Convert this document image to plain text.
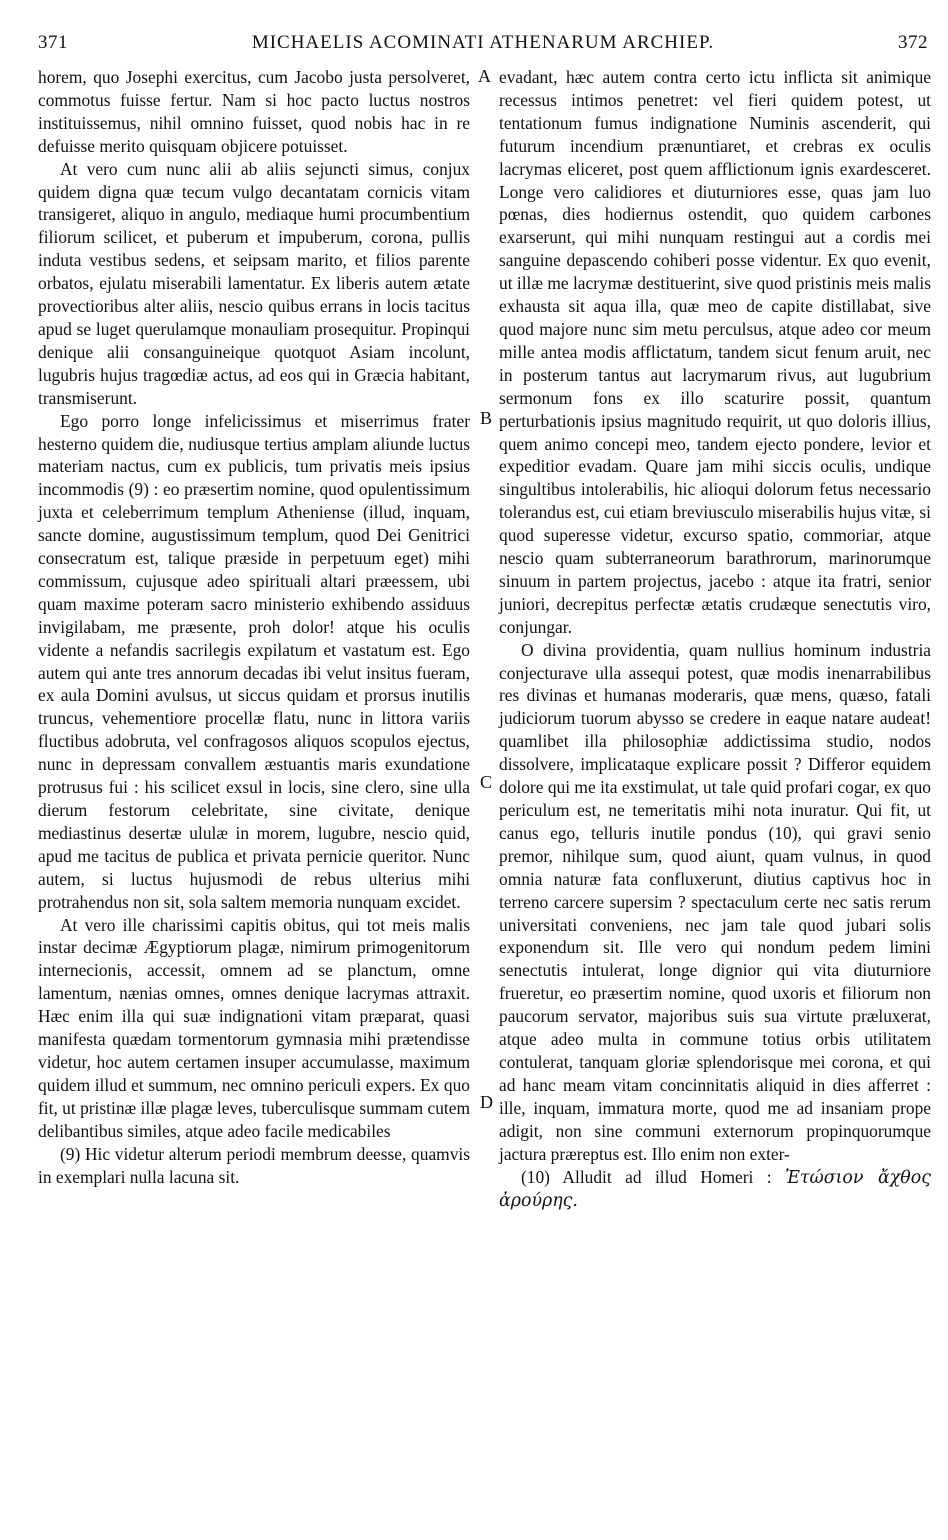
371	MICHAELIS ACOMINATI ATHENARUM ARCHIEP.	372
A
B
C
D

horem, quo Josephi exercitus, cum Jacobo justa persolveret, commotus fuisse fertur. Nam si hoc pacto luctus nostros instituissemus, nihil omnino fuisset, quod nobis hac in re defuisse merito quisquam objicere potuisset.

At vero cum nunc alii ab aliis sejuncti simus, conjux quidem digna quæ tecum vulgo decantatam cornicis vitam transigeret, aliquo in angulo, mediaque humi procumbentium filiorum scilicet, et puberum et impuberum, corona, pullis induta vestibus sedens, et seipsam marito, et filios parente orbatos, ejulatu miserabili lamentatur. Ex liberis autem ætate provectioribus alter aliis, nescio quibus errans in locis tacitus apud se luget querulamque monauliam prosequitur. Propinqui denique alii consanguineique quotquot Asiam incolunt, lugubris hujus tragœdiæ actus, ad eos qui in Græcia habitant, transmiserunt.

Ego porro longe infelicissimus et miserrimus frater hesterno quidem die, nudiusque tertius amplam aliunde luctus materiam nactus, cum ex publicis, tum privatis meis ipsius incommodis (9) : eo præsertim nomine, quod opulentissimum juxta et celeberrimum templum Atheniense (illud, inquam, sancte domine, augustissimum templum, quod Dei Genitrici consecratum est, talique præside in perpetuum eget) mihi commissum, cujusque adeo spirituali altari præessem, ubi quam maxime poteram sacro ministerio exhibendo assiduus invigilabam, me præsente, proh dolor! atque his oculis vidente a nefandis sacrilegis expilatum et vastatum est. Ego autem qui ante tres annorum decadas ibi velut insitus fueram, ex aula Domini avulsus, ut siccus quidam et prorsus inutilis truncus, vehementiore procellæ flatu, nunc in littora variis fluctibus adobruta, vel confragosos aliquos scopulos ejectus, nunc in depressam convallem æstuantis maris exundatione protrusus fui : his scilicet exsul in locis, sine clero, sine ulla dierum festorum celebritate, sine civitate, denique mediastinus desertæ ululæ in morem, lugubre, nescio quid, apud me tacitus de publica et privata pernicie queritor. Nunc autem, si luctus hujusmodi de rebus ulterius mihi protrahendus non sit, sola saltem memoria nunquam excidet.

At vero ille charissimi capitis obitus, qui tot meis malis instar decimæ Ægyptiorum plagæ, nimirum primogenitorum internecionis, accessit, omnem ad se planctum, omne lamentum, nænias omnes, omnes denique lacrymas attraxit. Hæc enim illa qui suæ indignationi vitam præparat, quasi manifesta quædam tormentorum gymnasia mihi prætendisse videtur, hoc autem certamen insuper accumulasse, maximum quidem illud et summum, nec omnino periculi expers. Ex quo fit, ut pristinæ illæ plagæ leves, tuberculisque summam cutem delibantibus similes, atque adeo facile medicabiles

(9) Hic videtur alterum periodi membrum deesse, quamvis in exemplari nulla lacuna sit.

evadant, hæc autem contra certo ictu inflicta sit animique recessus intimos penetret: vel fieri quidem potest, ut tentationum fumus indignatione Numinis ascenderit, qui futurum incendium prænuntiaret, et crebras ex oculis lacrymas eliceret, post quem afflictionum ignis exardesceret. Longe vero calidiores et diuturniores esse, quas jam luo pœnas, dies hodiernus ostendit, quo quidem carbones exarserunt, qui mihi nunquam restingui aut a cordis mei sanguine depascendo cohiberi posse videntur. Ex quo evenit, ut illæ me lacrymæ destituerint, sive quod pristinis meis malis exhausta sit aqua illa, quæ meo de capite distillabat, sive quod majore nunc sim metu perculsus, atque adeo cor meum mille antea modis afflictatum, tandem sicut fenum aruit, nec in posterum tantus aut lacrymarum rivus, aut lugubrium sermonum fons ex illo scaturire possit, quantum perturbationis ipsius magnitudo requirit, ut quo doloris illius, quem animo concepi meo, tandem ejecto pondere, levior et expeditior evadam. Quare jam mihi siccis oculis, undique singultibus intolerabilis, hic alioqui dolorum fetus necessario tolerandus est, cui etiam breviusculo miserabilis hujus vitæ, si quod superesse videtur, excurso spatio, commoriar, atque nescio quam subterraneorum barathrorum, marinorumque sinuum in partem projectus, jacebo : atque ita fratri, senior juniori, decrepitus perfectæ ætatis crudæque senectutis viro, conjungar.

O divina providentia, quam nullius hominum industria conjecturave ulla assequi potest, quæ modis inenarrabilibus res divinas et humanas moderaris, quæ mens, quæso, fatali judiciorum tuorum abysso se credere in eaque natare audeat! quamlibet illa philosophiæ addictissima studio, nodos dissolvere, implicataque explicare possit ? Differor equidem dolore qui me ita exstimulat, ut tale quid profari cogar, ex quo periculum est, ne temeritatis mihi nota inuratur. Qui fit, ut canus ego, telluris inutile pondus (10), qui gravi senio premor, nihilque sum, quod aiunt, quam vulnus, in quod omnia naturæ fata confluxerunt, diutius captivus hoc in terreno carcere supersim ? spectaculum certe nec satis rerum universitati conveniens, nec jam tale quod jubari solis exponendum sit. Ille vero qui nondum pedem limini senectutis intulerat, longe dignior qui vita diuturniore frueretur, eo præsertim nomine, quod uxoris et filiorum non paucorum servator, majoribus suis sua virtute præluxerat, atque adeo multa in commune totius orbis utilitatem contulerat, tanquam gloriæ splendorisque mei corona, et qui ad hanc meam vitam concinnitatis aliquid in dies afferret : ille, inquam, immatura morte, quod me ad insaniam prope adigit, non sine communi externorum propinquorumque jactura præreptus est. Illo enim non exter-

(10) Alludit ad illud Homeri : Ἐτώσιον ἄχθος ἀρούρης.
